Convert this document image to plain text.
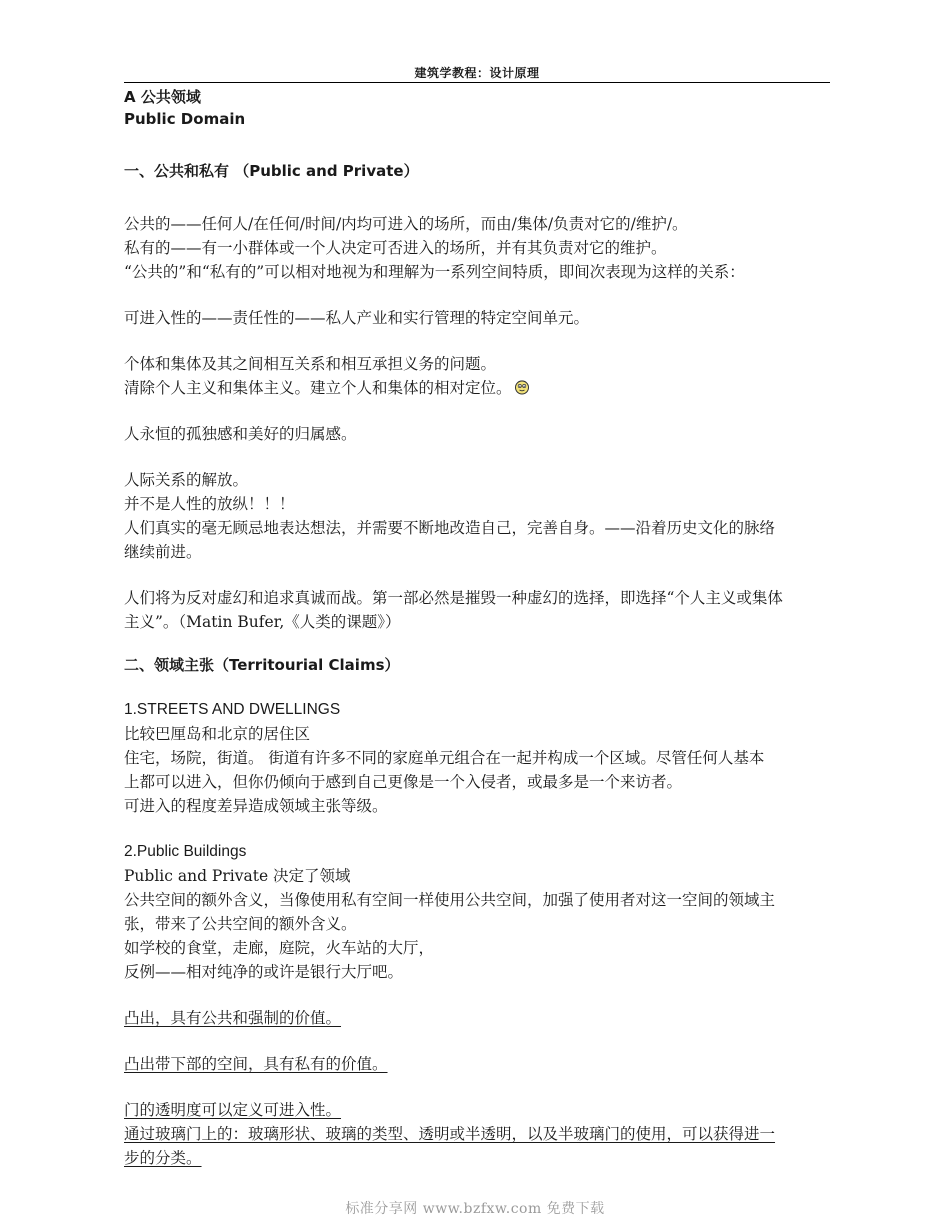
建筑学教程：设计原理
A 公共领域
Public Domain
一、公共和私有 （Public and Private）

公共的——任何人/在任何/时间/内均可进入的场所，而由/集体/负责对它的/维护/。

私有的——有一小群体或一个人决定可否进入的场所，并有其负责对它的维护。

“公共的”和“私有的”可以相对地视为和理解为一系列空间特质，即间次表现为这样的关系：

可进入性的——责任性的——私人产业和实行管理的特定空间单元。

个体和集体及其之间相互关系和相互承担义务的问题。

清除个人主义和集体主义。建立个人和集体的相对定位。

人永恒的孤独感和美好的归属感。

人际关系的解放。

并不是人性的放纵！！！

人们真实的毫无顾忌地表达想法，并需要不断地改造自己，完善自身。——沿着历史文化的脉络

继续前进。

人们将为反对虚幻和追求真诚而战。第一部必然是摧毁一种虚幻的选择，即选择“个人主义或集体

主义”。（Matin Bufer,《人类的课题》）

二、领域主张（Territourial Claims）

1.STREETS AND DWELLINGS

比较巴厘岛和北京的居住区

住宅，场院，街道。 街道有许多不同的家庭单元组合在一起并构成一个区域。尽管任何人基本

上都可以进入，但你仍倾向于感到自己更像是一个入侵者，或最多是一个来访者。

可进入的程度差异造成领域主张等级。

2.Public Buildings

Public and Private 决定了领域

公共空间的额外含义，当像使用私有空间一样使用公共空间，加强了使用者对这一空间的领域主

张，带来了公共空间的额外含义。

如学校的食堂，走廊，庭院，火车站的大厅，

反例——相对纯净的或许是银行大厅吧。

凸出，具有公共和强制的价值。

凸出带下部的空间，具有私有的价值。

门的透明度可以定义可进入性。

通过玻璃门上的：玻璃形状、玻璃的类型、透明或半透明，以及半玻璃门的使用，可以获得进一

步的分类。

标准分享网 www.bzfxw.com 免费下载
